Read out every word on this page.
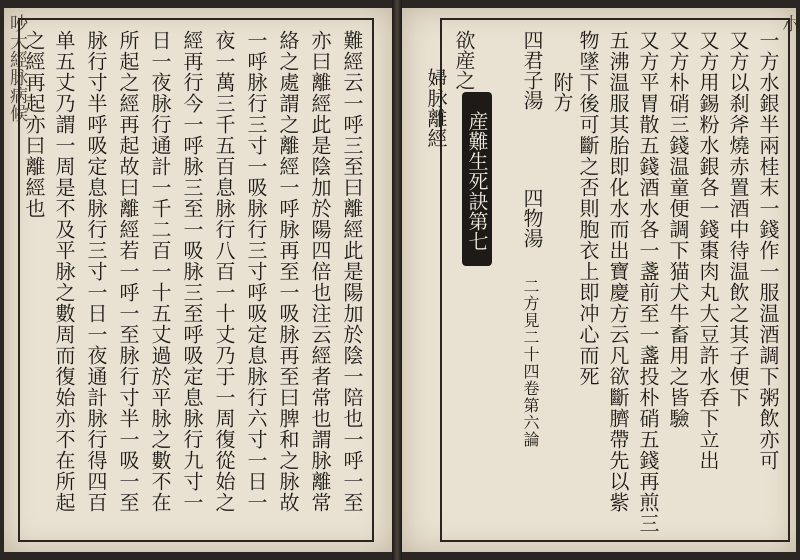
吵大經脉病候	難經云一呼三至曰離經此是陽加於陰一陪也一呼一至
亦曰離經此是陰加於陽四倍也注云經者常也謂脉離常
絡之處謂之離經一呼脉再至一吸脉再至曰脾和之脉故
一呼脉行三寸一吸脉行三寸呼吸定息脉行六寸一日一
夜一萬三千五百息脉行八百一十丈乃于一周復從始之
經再行今一呼脉三至一吸脉三至呼吸定息脉行九寸一
日一夜脉行通計一千二百一十五丈過於平脉之數不在
所起之經再起故曰離經若一呼一至脉行寸半一吸一至
脉行寸半呼吸定息脉行三寸一日一夜通計脉行得四百
单五丈乃謂一周是不及平脉之數周而復始亦不在所起
之經再起亦曰離經也
朩
一方水銀半兩桂末一錢作一服温酒調下粥飲亦可
又方以刹斧燒赤置酒中待温飲之其子便下
又方用錫粉水銀各一錢棗肉丸大豆許水呑下立出
又方朴硝三錢温童便調下猫犬牛畜用之皆驗
又方平胃散五錢酒水各一盞前至一盞投朴硝五錢再煎三
五沸温服其胎即化水而出寶慶方云凡欲斷臍帶先以紫
物墜下後可斷之否則胞衣上即冲心而死
附方
四君子湯
四物湯
二方見二十四卷第六論
産難生死訣第七
欲産之
婦脉離經
